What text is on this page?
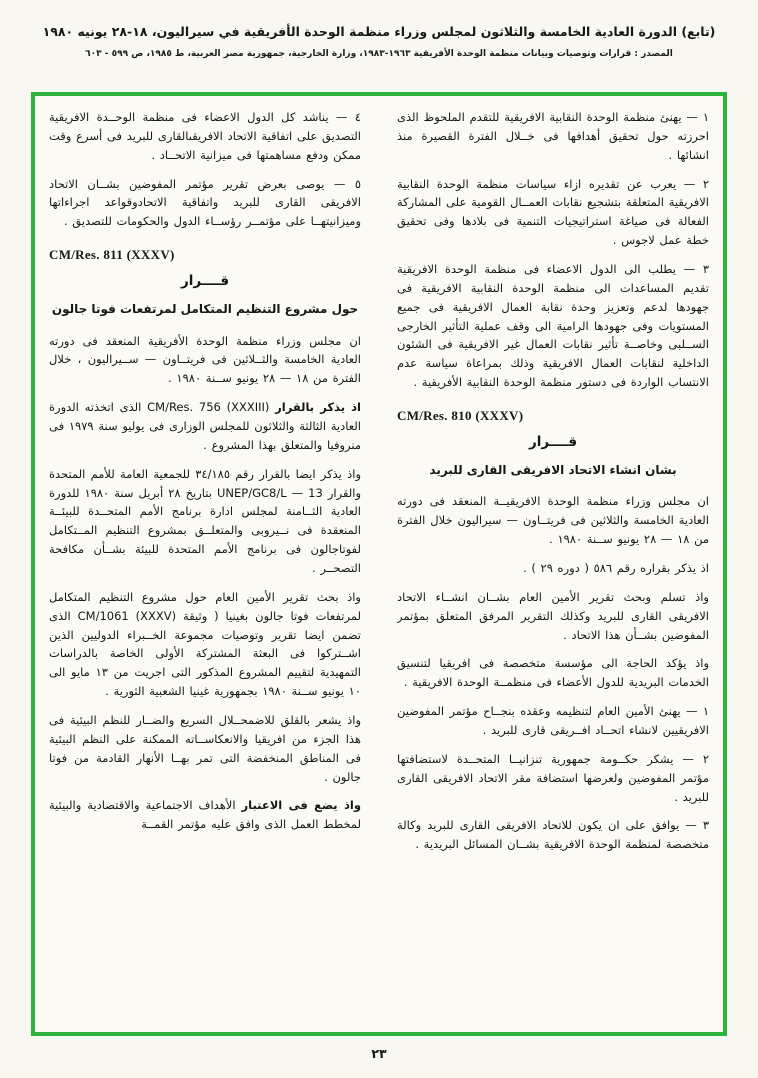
(تابع) الدورة العادية الخامسة والثلاثون لمجلس وزراء منظمة الوحدة الأفريقية في سيراليون، ١٨-٢٨ يونيه ١٩٨٠
المصدر : قرارات وتوصيات وبيانات منظمة الوحدة الأفريقية ١٩٦٣-١٩٨٣، وزارة الخارجية، جمهورية مصر العربية، ط ١٩٨٥، ص ٥٩٩ - ٦٠٣

١ — يهنئ منظمة الوحدة النقابية الافريقية للتقدم الملحوظ الذى احرزته حول تحقيق أهدافها فى خــلال الفترة القصيرة منذ انشائها .

٢ — يعرب عن تقديره ازاء سياسات منظمة الوحدة النقابية الافريقية المتعلقة بتشجيع نقابات العمــال القومية على المشاركة الفعالة فى صياغة استراتيجيات التنمية فى بلادها وفى تحقيق خطة عمل لاجوس .

٣ — يطلب الى الدول الاعضاء فى منظمة الوحدة الافريقية تقديم المساعدات الى منظمة الوحدة النقابية الافريقية فى جهودها لدعم وتعزيز وحدة نقابة العمال الافريقية فى جميع المستويات وفى جهودها الرامية الى وقف عملية التأثير الخارجى الســلبى وخاصــة تأثير نقابات العمال غير الافريقية فى الشئون الداخلية لنقابات العمال الافريقية وذلك بمراعاة سياسة عدم الانتساب الواردة فى دستور منظمة الوحدة النقابية الأفريقية .

CM/Res. 810 (XXXV)

قــــرار

بشان انشاء الاتحاد الافريقى القارى للبريد

ان مجلس وزراء منظمة الوحدة الافريقيــة المنعقد فى دورته العادية الخامسة والثلاثين فى فريتــاون — سيراليون خلال الفترة من ١٨ — ٢٨ يونيو ســنة ١٩٨٠ .

اذ يذكر بقراره رقم ٥٨٦ ( دوره ٢٩ ) .

واذ تسلم وبحث تقرير الأمين العام بشــان انشــاء الاتحاد الافريقى القارى للبريد وكذلك التقرير المرفق المتعلق بمؤتمر المفوضين بشــأن هذا الاتحاد .

واذ يؤكد الحاجة الى مؤسسة متخصصة فى افريقيا لتنسيق الخدمات البريدية للدول الأعضاء فى منظمــة الوحدة الافريقية .

١ — يهنئ الأمين العام لتنظيمه وعقده بنجــاح مؤتمر المفوضين الافريقيين لانشاء اتحــاد افــريقى قارى للبريد .

٢ — يشكر حكــومة جمهورية تنزانيــا المتحــدة لاستضافتها مؤتمر المفوضين ولعرضها استضافة مقر الاتحاد الافريقى القارى للبريد .

٣ — يوافق على ان يكون للاتحاد الافريقى القارى للبريد وكالة متخصصة لمنظمة الوحدة الافريقية بشــان المسائل البريدية .

٤ — يناشد كل الدول الاعضاء فى منظمة الوحــدة الافريقية التصديق على اتفاقية الاتحاد الافريقىالقارى للبريد فى أسرع وقت ممكن ودفع مساهمتها فى ميزانية الاتحــاد .

٥ — يوصى بعرض تقرير مؤتمر المفوضين بشــان الاتحاد الافريقى القارى للبريد واتفاقية الاتحادوقواعد اجراءاتها وميزانيتهــا على مؤتمــر رؤســاء الدول والحكومات للتصديق .

CM/Res. 811 (XXXV)

قــــرار

حول مشروع التنظيم المتكامل لمرتفعات فوتا جالون

ان مجلس وزراء منظمة الوحدة الأفريقية المنعقد فى دورته العادية الخامسة والثــلاثين فى فريتــاون — ســيراليون ، خلال الفترة من ١٨ — ٢٨ يونيو ســنة ١٩٨٠ .

اذ يذكر بالقرار CM/Res. 756 (XXXIII) الذى اتخذته الدورة العادية الثالثة والثلاثون للمجلس الوزارى فى يوليو سنة ١٩٧٩ فى منروفيا والمتعلق بهذا المشروع .

واذ يذكر ايضا بالقرار رقم ٣٤/١٨٥ للجمعية العامة للأمم المتحدة والقرار UNEP/GC8/L — 13 بتاريخ ٢٨ أبريل سنة ١٩٨٠ للدورة العادية الثــامنة لمجلس ادارة برنامج الأمم المتحــدة للبيئــة المنعقدة فى نــيروبى والمتعلــق بمشروع التنظيم المــتكامل لفوتاجالون فى برنامج الأمم المتحدة للبيئة بشــأن مكافحة التصحــر .

واذ بحث تقرير الأمين العام حول مشروع التنظيم المتكامل لمرتفعات فوتا جالون بغينيا ( وثيقة CM/1061 (XXXV) الذى تضمن ايضا تقرير وتوصيات مجموعة الخــبراء الدوليين الذين اشــتركوا فى البعثة المشتركة الأولى الخاصة بالدراسات التمهيدية لتقييم المشروع المذكور التى اجريت من ١٣ مايو الى ١٠ يونيو ســنة ١٩٨٠ بجمهورية غينيا الشعبية الثورية .

واذ يشعر بالقلق للاضمحــلال السريع والضــار للنظم البيئية فى هذا الجزء من افريقيا والانعكاســاته الممكنة على النظم البيئية فى المناطق المنخفضة التى تمر بهــا الأنهار القادمة من فوتا جالون .

واذ يضع فى الاعتبار الأهداف الاجتماعية والاقتصادية والبيئية لمخطط العمل الذى وافق عليه مؤتمر القمــة

٢٣
